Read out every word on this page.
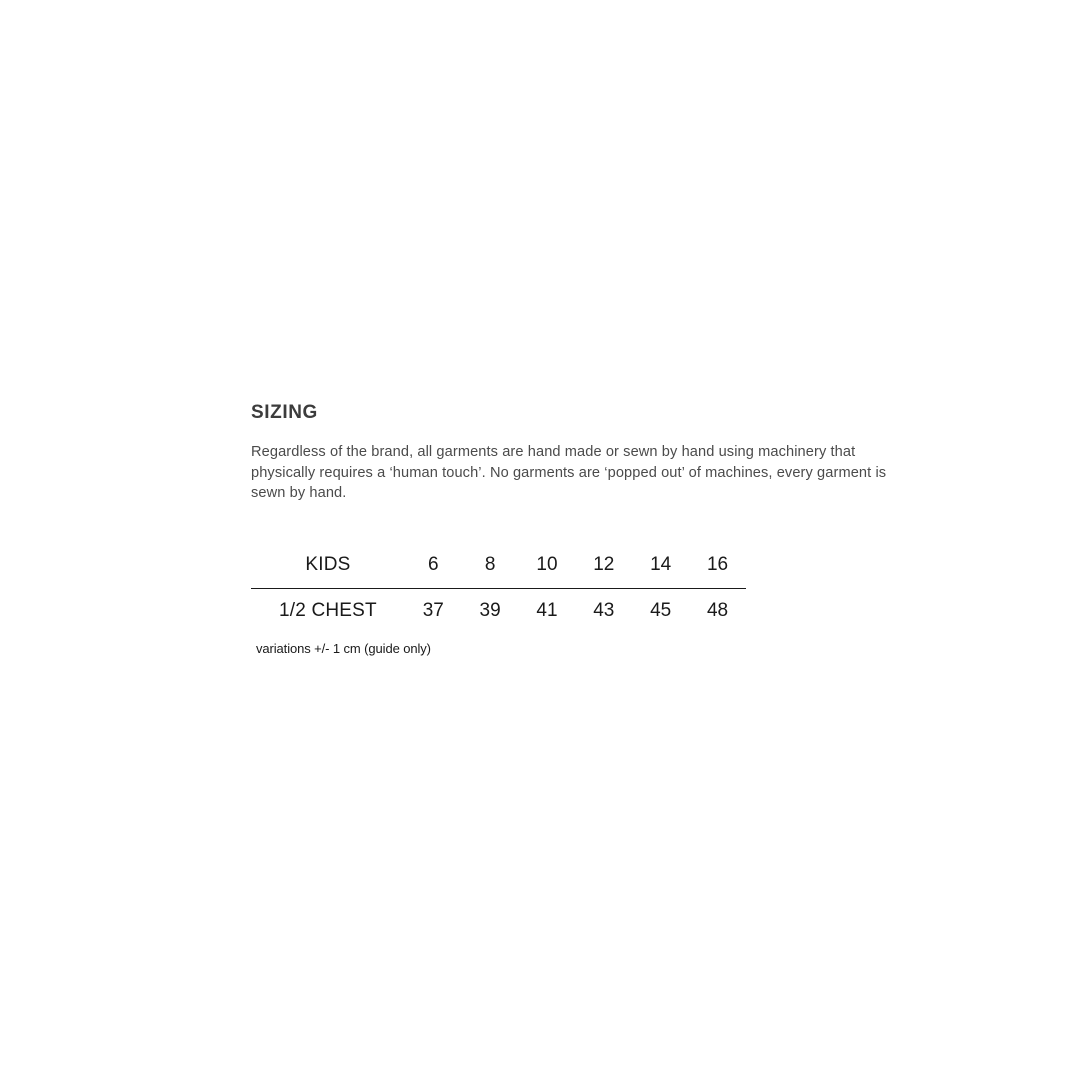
SIZING

Regardless of the brand, all garments are hand made or sewn by hand using machinery that physically requires a ‘human touch’. No garments are ‘popped out’ of machines, every garment is sewn by hand.

KIDS	6	8	10	12	14	16
1/2 CHEST	37	39	41	43	45	48
variations +/- 1 cm (guide only)
